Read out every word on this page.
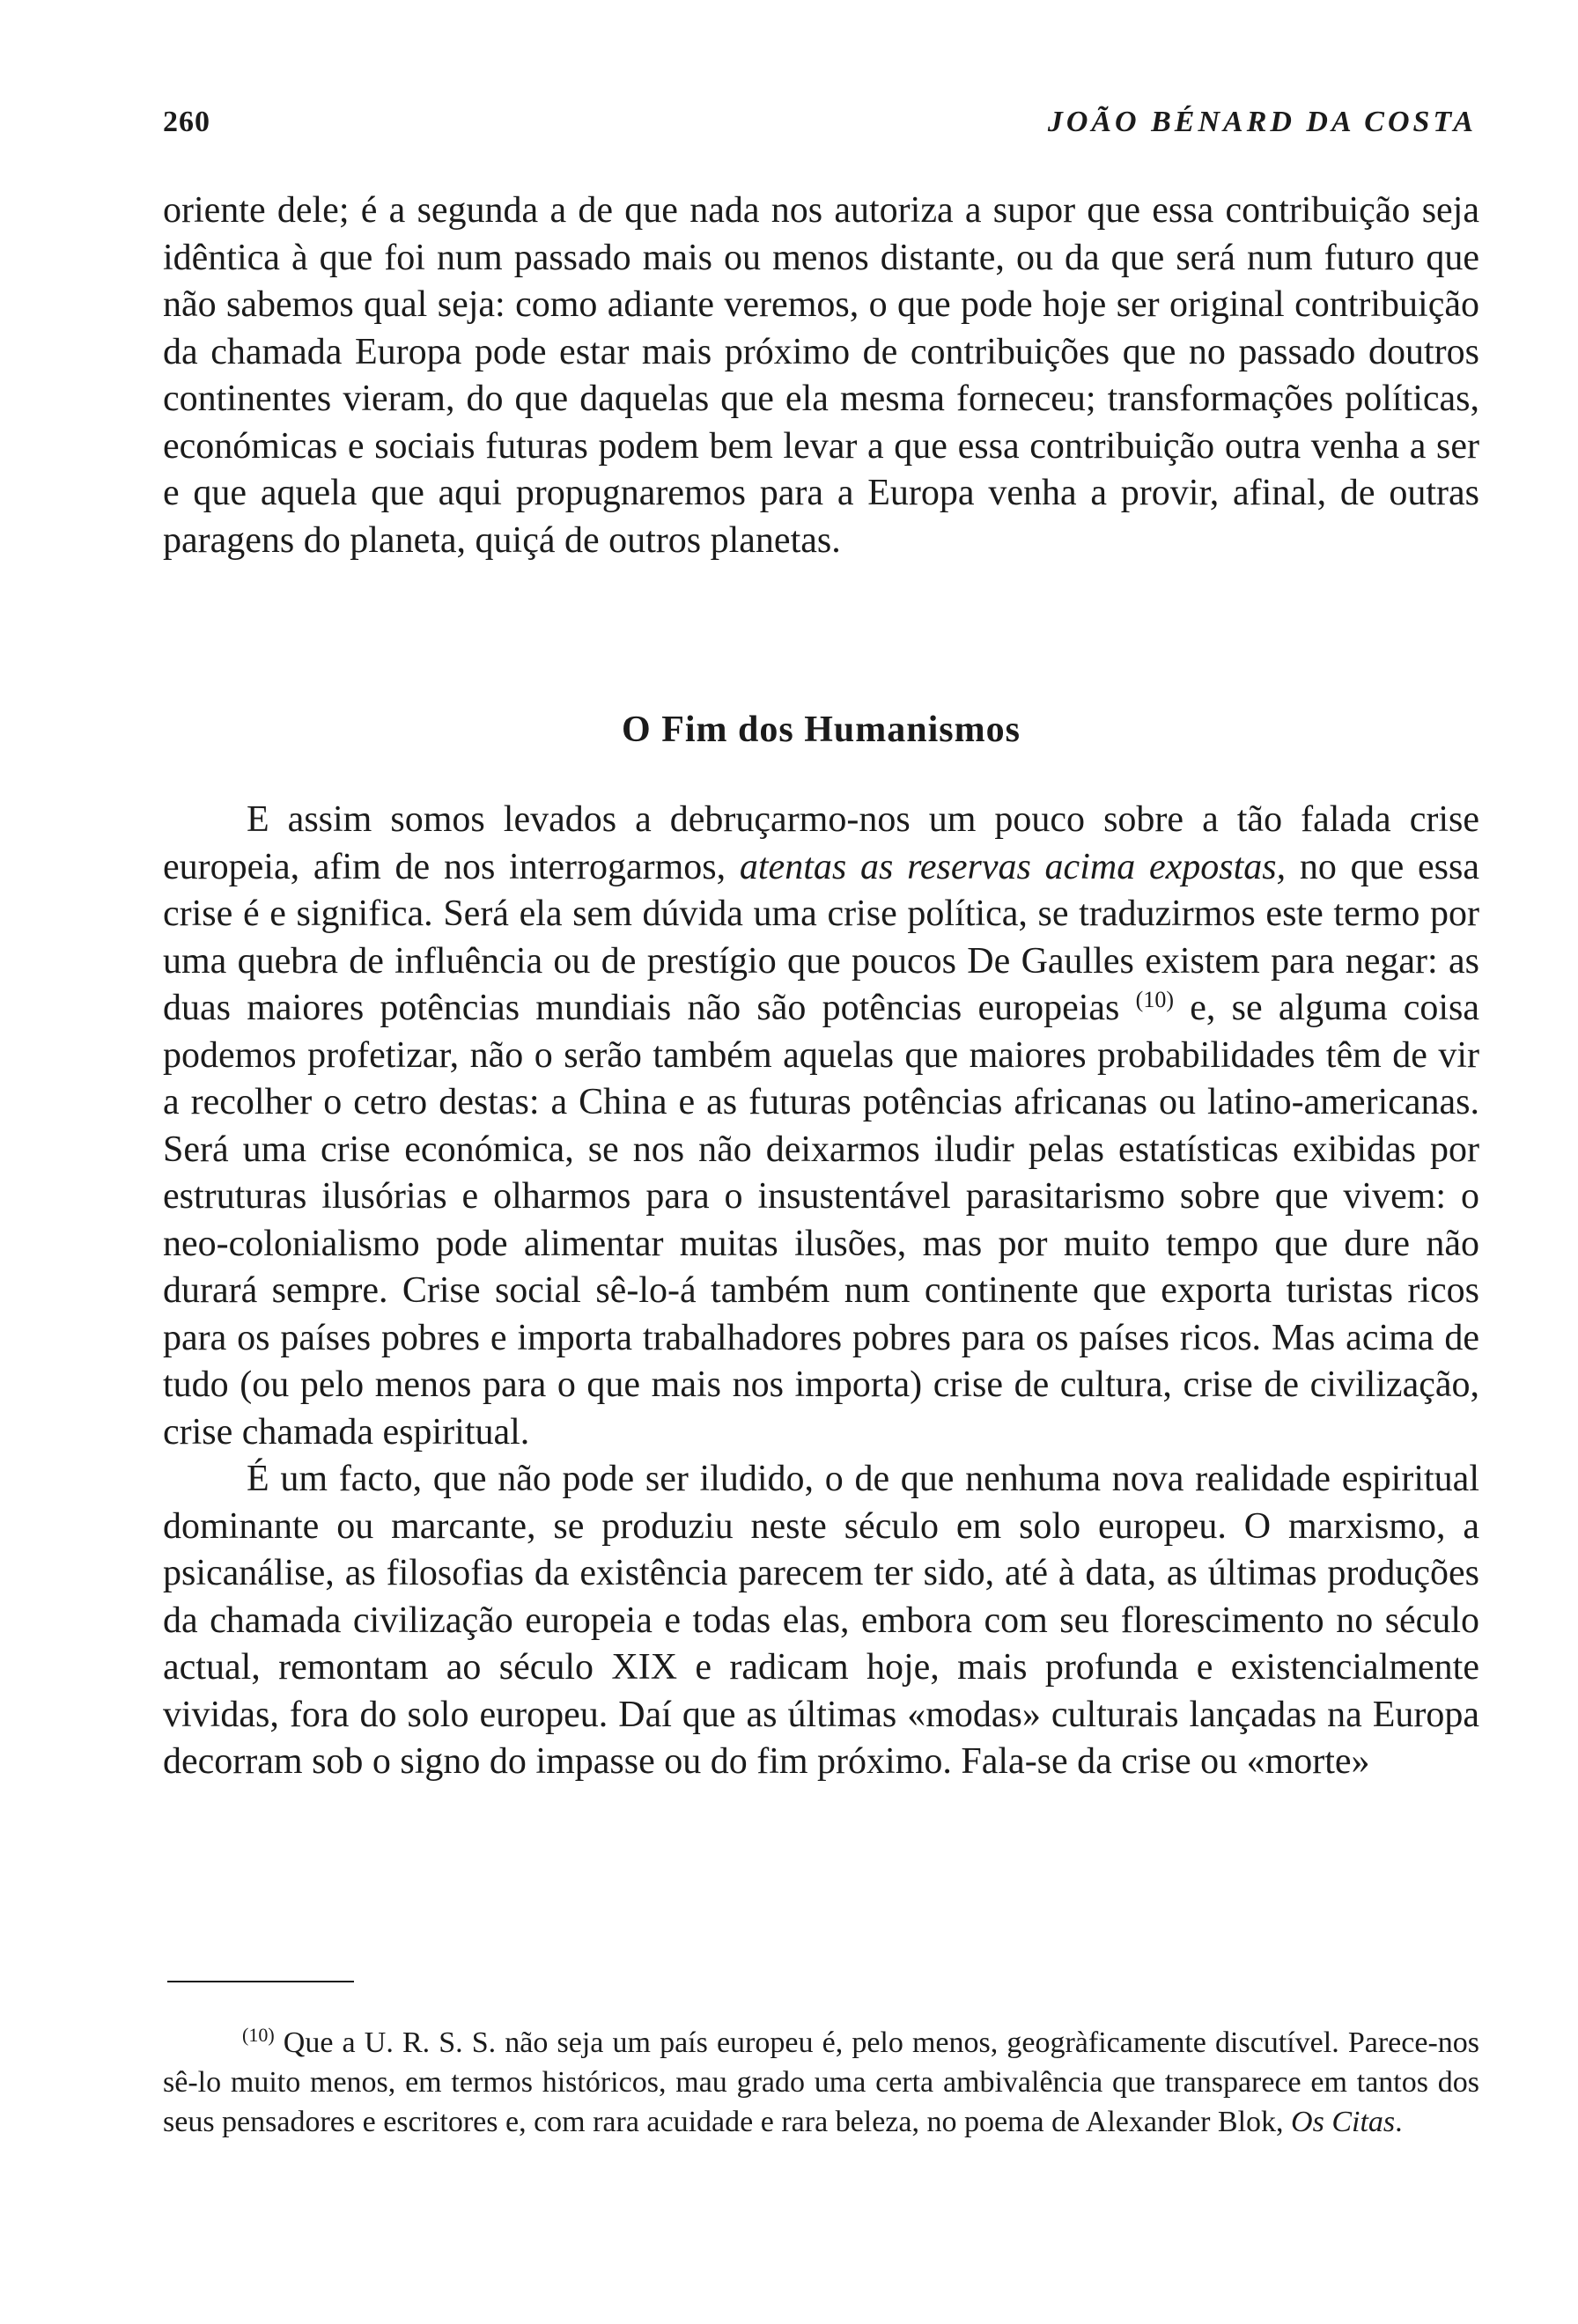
260	JOÃO BÉNARD DA COSTA

oriente dele; é a segunda a de que nada nos autoriza a supor que essa contribuição seja idêntica à que foi num passado mais ou menos distante, ou da que será num futuro que não sabemos qual seja: como adiante veremos, o que pode hoje ser original contribuição da chamada Europa pode estar mais próximo de contribuições que no passado doutros continentes vieram, do que daquelas que ela mesma forneceu; transformações políticas, económicas e sociais futuras podem bem levar a que essa contribuição outra venha a ser e que aquela que aqui propugnaremos para a Europa venha a provir, afinal, de outras paragens do planeta, quiçá de outros planetas.

O Fim dos Humanismos

E assim somos levados a debruçarmo-nos um pouco sobre a tão falada crise europeia, afim de nos interrogarmos, atentas as reservas acima expostas, no que essa crise é e significa. Será ela sem dúvida uma crise política, se traduzirmos este termo por uma quebra de influência ou de prestígio que poucos De Gaulles existem para negar: as duas maiores potências mundiais não são potências europeias $^{(10)}$ e, se alguma coisa podemos profetizar, não o serão também aquelas que maiores probabilidades têm de vir a recolher o cetro destas: a China e as futuras potências africanas ou latino-americanas. Será uma crise económica, se nos não deixarmos iludir pelas estatísticas exibidas por estruturas ilusórias e olharmos para o insustentável parasitarismo sobre que vivem: o neo-colonialismo pode alimentar muitas ilusões, mas por muito tempo que dure não durará sempre. Crise social sê-lo-á também num continente que exporta turistas ricos para os países pobres e importa trabalhadores pobres para os países ricos. Mas acima de tudo (ou pelo menos para o que mais nos importa) crise de cultura, crise de civilização, crise chamada espiritual.

É um facto, que não pode ser iludido, o de que nenhuma nova realidade espiritual dominante ou marcante, se produziu neste século em solo europeu. O marxismo, a psicanálise, as filosofias da existência parecem ter sido, até à data, as últimas produções da chamada civilização europeia e todas elas, embora com seu florescimento no século actual, remontam ao século XIX e radicam hoje, mais profunda e existencialmente vividas, fora do solo europeu. Daí que as últimas «modas» culturais lançadas na Europa decorram sob o signo do impasse ou do fim próximo. Fala-se da crise ou «morte»

$^{(10)}$ Que a U. R. S. S. não seja um país europeu é, pelo menos, geogràficamente discutível. Parece-nos sê-lo muito menos, em termos históricos, mau grado uma certa ambivalência que transparece em tantos dos seus pensadores e escritores e, com rara acuidade e rara beleza, no poema de Alexander Blok, Os Citas.
